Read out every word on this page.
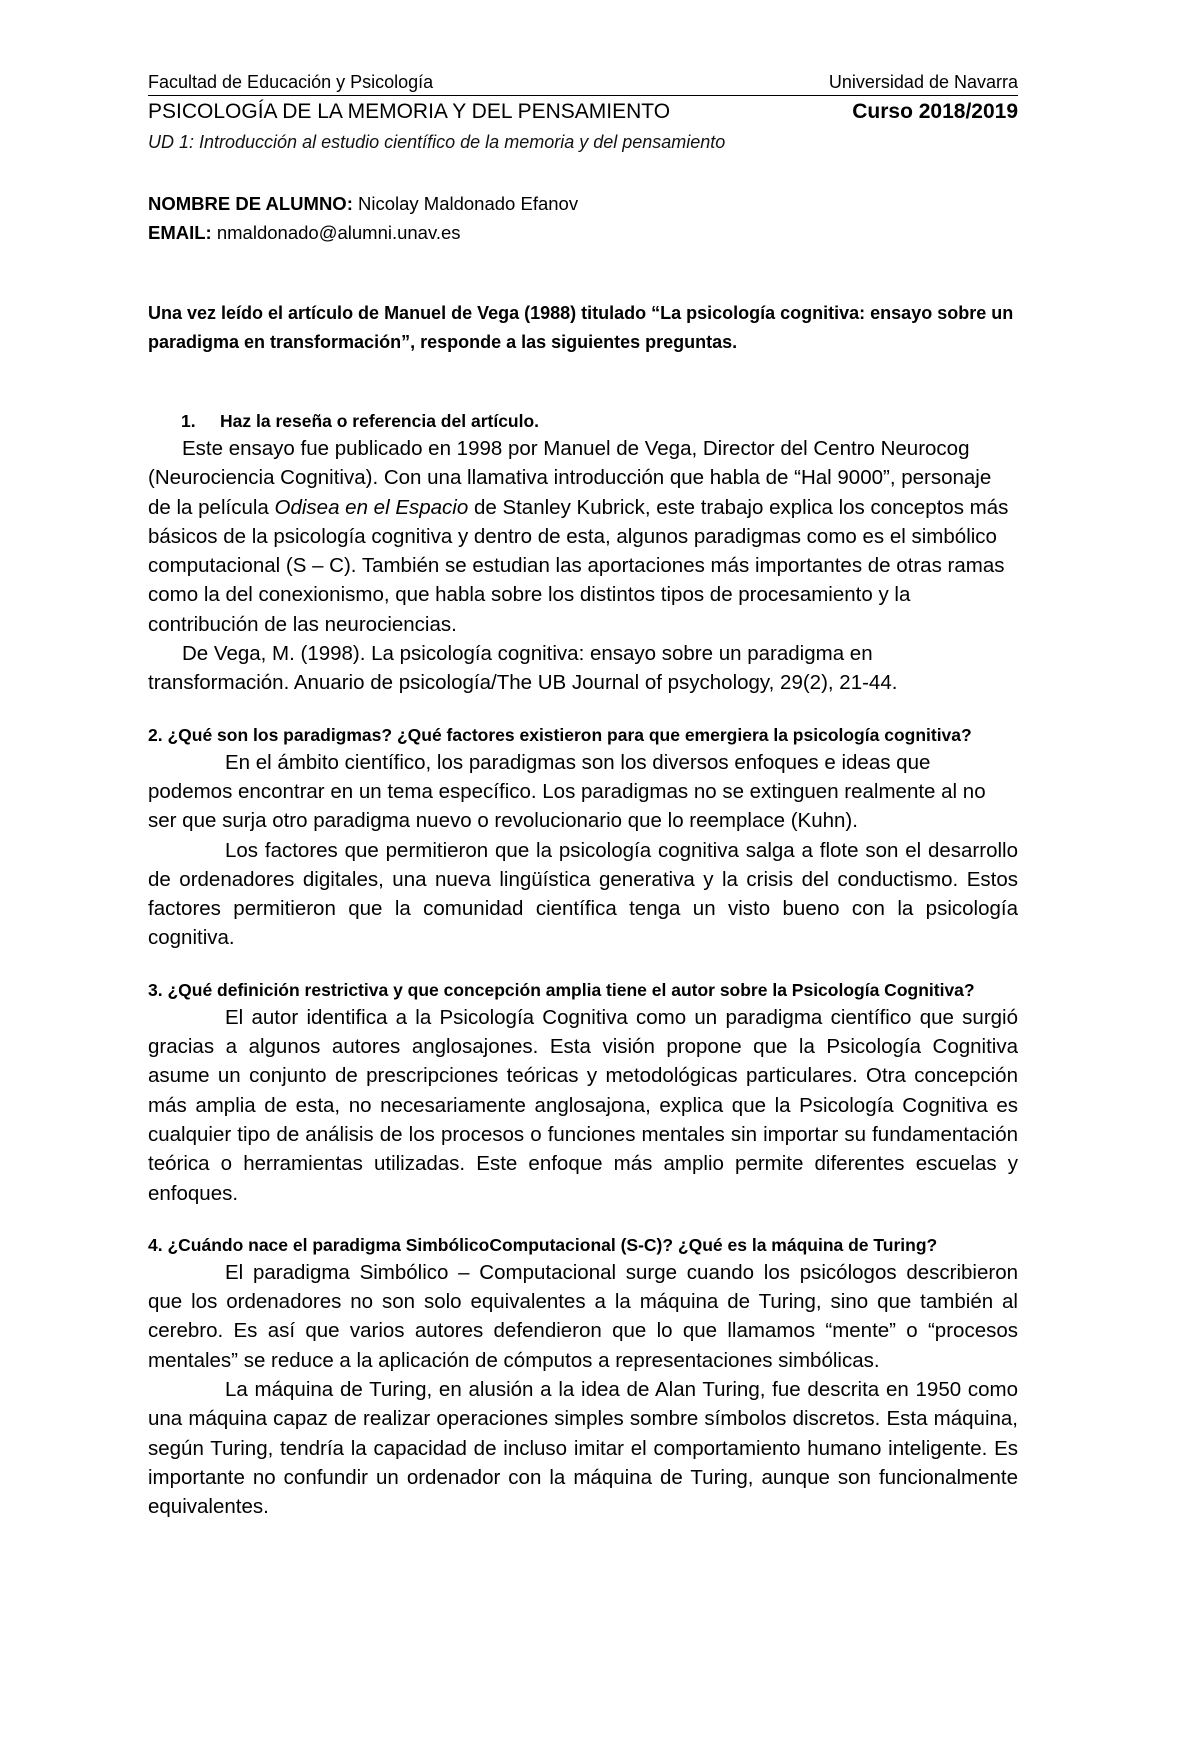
Facultad de Educación y Psicología	Universidad de Navarra
PSICOLOGÍA DE LA MEMORIA Y DEL PENSAMIENTO	Curso 2018/2019
UD 1: Introducción al estudio científico de la memoria y del pensamiento
NOMBRE DE ALUMNO: Nicolay Maldonado Efanov
EMAIL: nmaldonado@alumni.unav.es
Una vez leído el artículo de Manuel de Vega (1988) titulado “La psicología cognitiva: ensayo sobre un paradigma en transformación”, responde a las siguientes preguntas.
1. Haz la reseña o referencia del artículo.
Este ensayo fue publicado en 1998 por Manuel de Vega, Director del Centro Neurocog (Neurociencia Cognitiva). Con una llamativa introducción que habla de “Hal 9000”, personaje de la película Odisea en el Espacio de Stanley Kubrick, este trabajo explica los conceptos más básicos de la psicología cognitiva y dentro de esta, algunos paradigmas como es el simbólico computacional (S – C). También se estudian las aportaciones más importantes de otras ramas como la del conexionismo, que habla sobre los distintos tipos de procesamiento y la contribución de las neurociencias.
De Vega, M. (1998). La psicología cognitiva: ensayo sobre un paradigma en transformación. Anuario de psicología/The UB Journal of psychology, 29(2), 21-44.
2. ¿Qué son los paradigmas? ¿Qué factores existieron para que emergiera la psicología cognitiva?
En el ámbito científico, los paradigmas son los diversos enfoques e ideas que podemos encontrar en un tema específico. Los paradigmas no se extinguen realmente al no ser que surja otro paradigma nuevo o revolucionario que lo reemplace (Kuhn).
Los factores que permitieron que la psicología cognitiva salga a flote son el desarrollo de ordenadores digitales, una nueva lingüística generativa y la crisis del conductismo. Estos factores permitieron que la comunidad científica tenga un visto bueno con la psicología cognitiva.
3. ¿Qué definición restrictiva y que concepción amplia tiene el autor sobre la Psicología Cognitiva?
El autor identifica a la Psicología Cognitiva como un paradigma científico que surgió gracias a algunos autores anglosajones. Esta visión propone que la Psicología Cognitiva asume un conjunto de prescripciones teóricas y metodológicas particulares. Otra concepción más amplia de esta, no necesariamente anglosajona, explica que la Psicología Cognitiva es cualquier tipo de análisis de los procesos o funciones mentales sin importar su fundamentación teórica o herramientas utilizadas. Este enfoque más amplio permite diferentes escuelas y enfoques.
4. ¿Cuándo nace el paradigma SimbólicoComputacional (S-C)? ¿Qué es la máquina de Turing?
El paradigma Simbólico – Computacional surge cuando los psicólogos describieron que los ordenadores no son solo equivalentes a la máquina de Turing, sino que también al cerebro. Es así que varios autores defendieron que lo que llamamos “mente” o “procesos mentales” se reduce a la aplicación de cómputos a representaciones simbólicas.
La máquina de Turing, en alusión a la idea de Alan Turing, fue descrita en 1950 como una máquina capaz de realizar operaciones simples sombre símbolos discretos. Esta máquina, según Turing, tendría la capacidad de incluso imitar el comportamiento humano inteligente. Es importante no confundir un ordenador con la máquina de Turing, aunque son funcionalmente equivalentes.
